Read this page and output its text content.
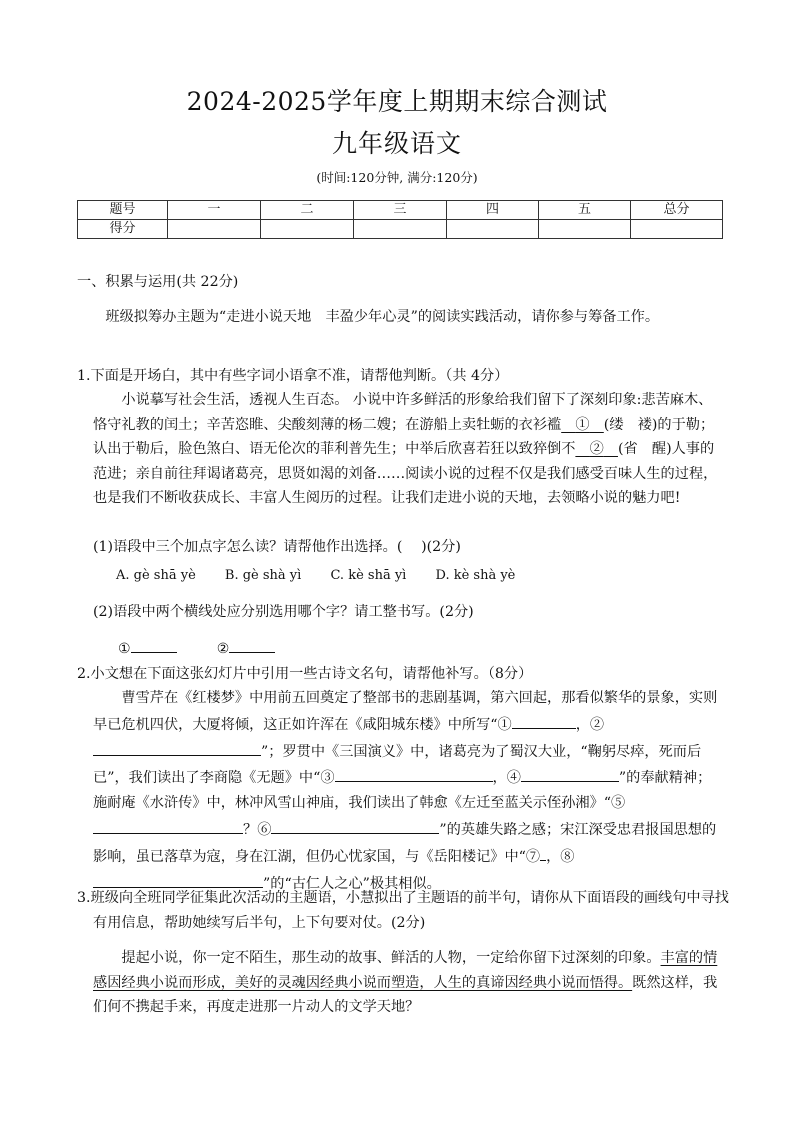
2024-2025学年度上期期末综合测试
九年级语文
(时间:120分钟, 满分:120分)
题号	一	二	三	四	五	总分
得分						
一、积累与运用(共 22分)
班级拟筹办主题为“走进小说天地　丰盈少年心灵”的阅读实践活动，请你参与筹备工作。
1.下面是开场白，其中有些字词小语拿不准，请帮他判断。（共 4分）
小说摹写社会生活，透视人生百态。 小说中许多鲜活的形象给我们留下了深刻印象:悲苦麻木、恪守礼教的闰土；辛苦恣睢、尖酸刻薄的杨二嫂；在游船上卖牡蛎的衣衫褴  ①  (缕　褛)的于勒；认出于勒后，脸色煞白、语无伦次的菲利普先生；中举后欣喜若狂以致猝倒不  ②  (省　醒)人事的范进；亲自前往拜谒诸葛亮，思贤如渴的刘备……阅读小说的过程不仅是我们感受百味人生的过程，也是我们不断收获成长、丰富人生阅历的过程。让我们走进小说的天地，去领略小说的魅力吧!
(1)语段中三个加点字怎么读？请帮他作出选择。(　 )(2分)
A. gè shā yè B. gè shà yì C. kè shā yì D. kè shà yè
(2)语段中两个横线处应分别选用哪个字？请工整书写。(2分)
①	②
2.小文想在下面这张幻灯片中引用一些古诗文名句，请帮他补写。（8分）
曹雪芹在《红楼梦》中用前五回奠定了整部书的悲剧基调，第六回起，那看似繁华的景象，实则早已危机四伏，大厦将倾，这正如许浑在《咸阳城东楼》中所写“①	，②”；罗贯中《三国演义》中，诸葛亮为了蜀汉大业，“鞠躬尽瘁，死而后已”，我们读出了李商隐《无题》中“③	，④	”的奉献精神；施耐庵《水浒传》中，林冲风雪山神庙，我们读出了韩愈《左迁至蓝关示侄孙湘》“⑤？⑥	”的英雄失路之感；宋江深受忠君报国思想的影响，虽已落草为寇，身在江湖，但仍心忧家国，与《岳阳楼记》中“⑦ ，⑧”的“古仁人之心”极其相似。
3.班级向全班同学征集此次活动的主题语，小慧拟出了主题语的前半句，请你从下面语段的画线句中寻找有用信息，帮助她续写后半句，上下句要对仗。(2分)
提起小说，你一定不陌生，那生动的故事、鲜活的人物，一定给你留下过深刻的印象。丰富的情感因经典小说而形成，美好的灵魂因经典小说而塑造，人生的真谛因经典小说而悟得。既然这样，我们何不携起手来，再度走进那一片动人的文学天地？
